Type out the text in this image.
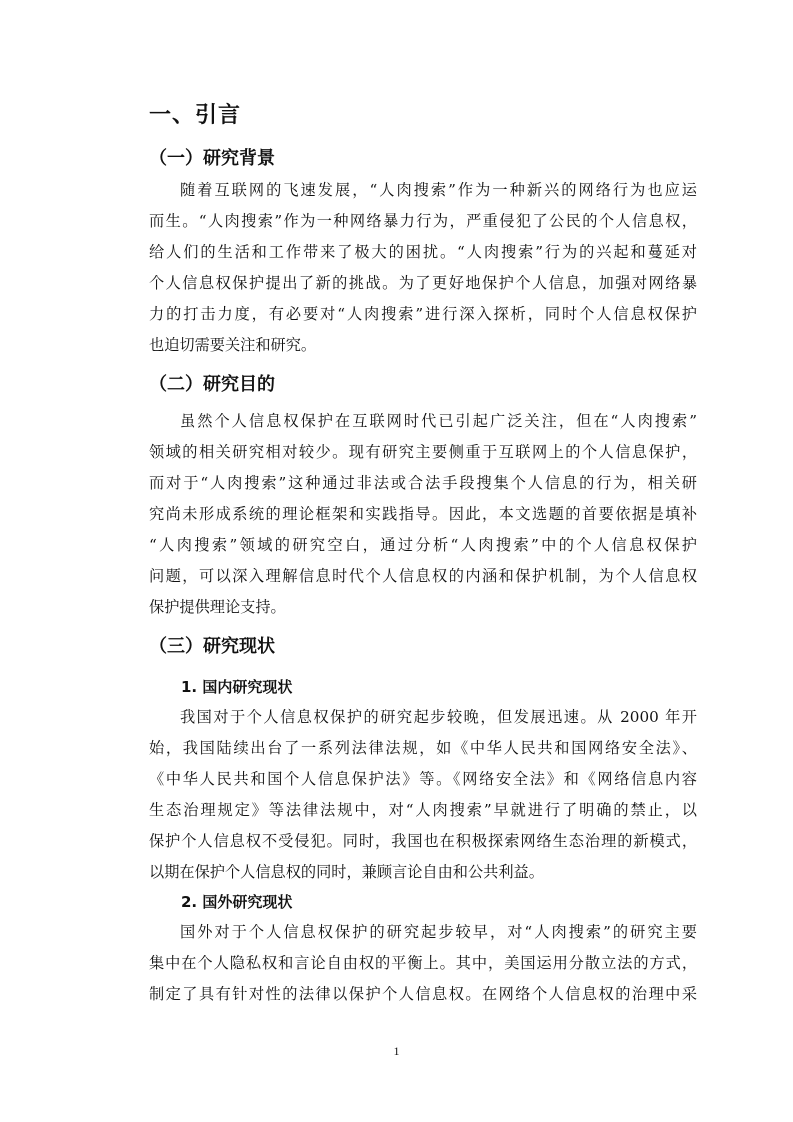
一、引言
（一）研究背景
随着互联网的飞速发展，“人肉搜索”作为一种新兴的网络行为也应运
而生。“人肉搜索”作为一种网络暴力行为，严重侵犯了公民的个人信息权，
给人们的生活和工作带来了极大的困扰。“人肉搜索”行为的兴起和蔓延对
个人信息权保护提出了新的挑战。为了更好地保护个人信息，加强对网络暴
力的打击力度，有必要对“人肉搜索”进行深入探析，同时个人信息权保护
也迫切需要关注和研究。
（二）研究目的
虽然个人信息权保护在互联网时代已引起广泛关注，但在“人肉搜索”
领域的相关研究相对较少。现有研究主要侧重于互联网上的个人信息保护，
而对于“人肉搜索”这种通过非法或合法手段搜集个人信息的行为，相关研
究尚未形成系统的理论框架和实践指导。因此，本文选题的首要依据是填补
“人肉搜索”领域的研究空白，通过分析“人肉搜索”中的个人信息权保护
问题，可以深入理解信息时代个人信息权的内涵和保护机制，为个人信息权
保护提供理论支持。
（三）研究现状
1. 国内研究现状
我国对于个人信息权保护的研究起步较晚，但发展迅速。从 2000 年开
始，我国陆续出台了一系列法律法规，如《中华人民共和国网络安全法》、
《中华人民共和国个人信息保护法》等。《网络安全法》和《网络信息内容
生态治理规定》等法律法规中，对“人肉搜索”早就进行了明确的禁止，以
保护个人信息权不受侵犯。同时，我国也在积极探索网络生态治理的新模式，
以期在保护个人信息权的同时，兼顾言论自由和公共利益。
2. 国外研究现状
国外对于个人信息权保护的研究起步较早，对“人肉搜索”的研究主要
集中在个人隐私权和言论自由权的平衡上。其中，美国运用分散立法的方式，
制定了具有针对性的法律以保护个人信息权。在网络个人信息权的治理中采
1
